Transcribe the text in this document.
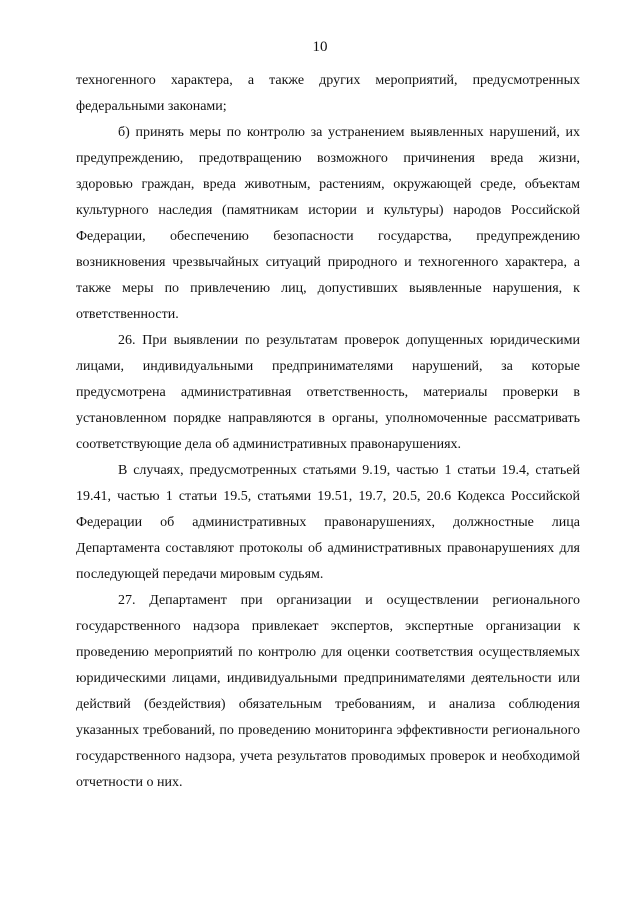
10

техногенного характера, а также других мероприятий, предусмотренных федеральными законами;

б) принять меры по контролю за устранением выявленных нарушений, их предупреждению, предотвращению возможного причинения вреда жизни, здоровью граждан, вреда животным, растениям, окружающей среде, объектам культурного наследия (памятникам истории и культуры) народов Российской Федерации, обеспечению безопасности государства, предупреждению возникновения чрезвычайных ситуаций природного и техногенного характера, а также меры по привлечению лиц, допустивших выявленные нарушения, к ответственности.

26. При выявлении по результатам проверок допущенных юридическими лицами, индивидуальными предпринимателями нарушений, за которые предусмотрена административная ответственность, материалы проверки в установленном порядке направляются в органы, уполномоченные рассматривать соответствующие дела об административных правонарушениях.

В случаях, предусмотренных статьями 9.19, частью 1 статьи 19.4, статьей 19.41, частью 1 статьи 19.5, статьями 19.51, 19.7, 20.5, 20.6 Кодекса Российской Федерации об административных правонарушениях, должностные лица Департамента составляют протоколы об административных правонарушениях для последующей передачи мировым судьям.

27. Департамент при организации и осуществлении регионального государственного надзора привлекает экспертов, экспертные организации к проведению мероприятий по контролю для оценки соответствия осуществляемых юридическими лицами, индивидуальными предпринимателями деятельности или действий (бездействия) обязательным требованиям, и анализа соблюдения указанных требований, по проведению мониторинга эффективности регионального государственного надзора, учета результатов проводимых проверок и необходимой отчетности о них.
